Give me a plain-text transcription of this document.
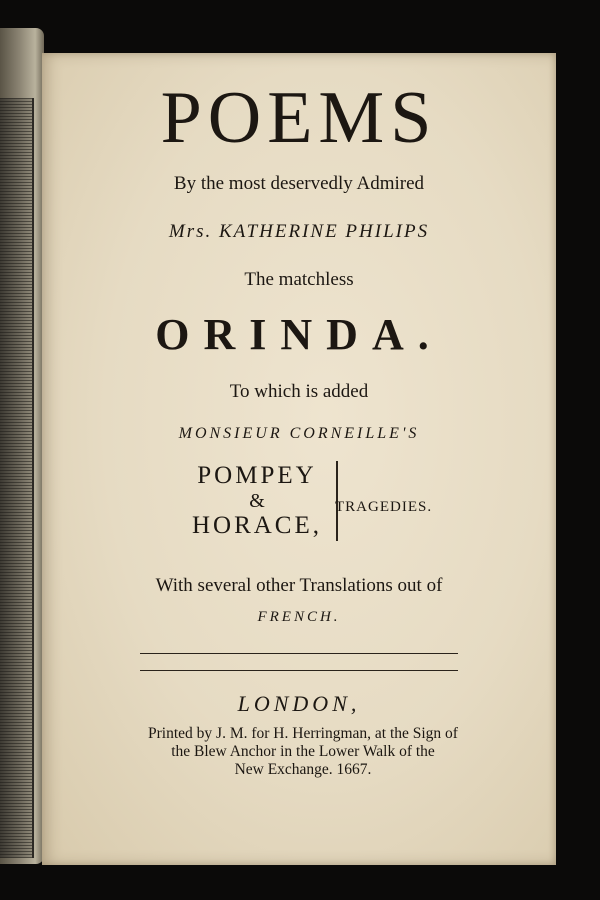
POEMS
By the most deservedly Admired
Mrs. KATHERINE PHILIPS
The matchless
ORINDA.
To which is added
MONSIEUR CORNEILLE'S
POMPEY
&
HORACE,
TRAGEDIES.
With several other Translations out of
FRENCH.
LONDON,
Printed by J. M. for H. Herringman, at the Sign of
the Blew Anchor in the Lower Walk of the
New Exchange. 1667.
